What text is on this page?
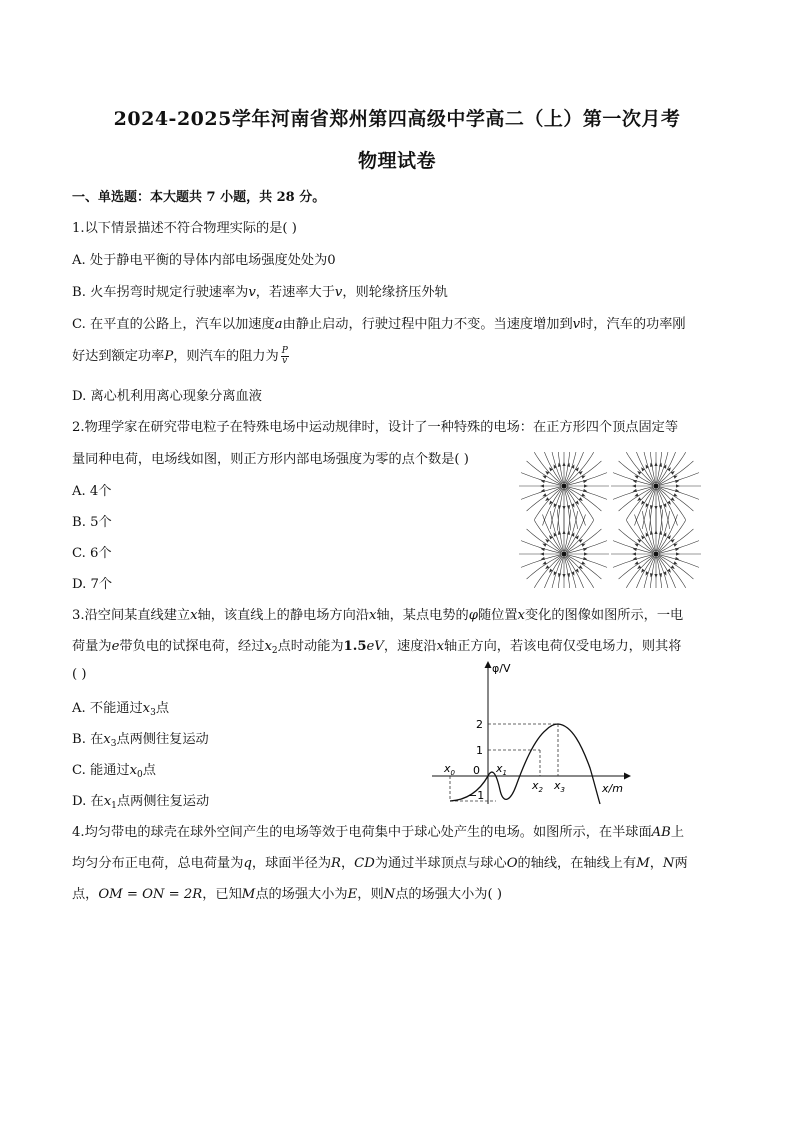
2024-2025学年河南省郑州第四高级中学高二（上）第一次月考
物理试卷
一、单选题：本大题共 7 小题，共 28 分。
1.以下情景描述不符合物理实际的是( )
A. 处于静电平衡的导体内部电场强度处处为0
B. 火车拐弯时规定行驶速率为v，若速率大于v，则轮缘挤压外轨
C. 在平直的公路上，汽车以加速度a由静止启动，行驶过程中阻力不变。当速度增加到v时，汽车的功率刚
好达到额定功率P，则汽车的阻力为 $\frac{P}{v}$
D. 离心机利用离心现象分离血液
2.物理学家在研究带电粒子在特殊电场中运动规律时，设计了一种特殊的电场：在正方形四个顶点固定等
量同种电荷，电场线如图，则正方形内部电场强度为零的点个数是( )
A. 4个
B. 5个
C. 6个
D. 7个
3.沿空间某直线建立x轴，该直线上的静电场方向沿x轴，某点电势的φ随位置x变化的图像如图所示，一电
荷量为e带负电的试探电荷，经过$x_2$点时动能为1.5eV，速度沿x轴正方向，若该电荷仅受电场力，则其将
( )
A. 不能通过$x_3$点
B. 在$x_3$点两侧往复运动
C. 能通过$x_0$点
D. 在$x_1$点两侧往复运动
φ/V
x/m
2
1
0
−1
$x_0$	$x_1$
$x_2$ $x_3$
4.均匀带电的球壳在球外空间产生的电场等效于电荷集中于球心处产生的电场。如图所示，在半球面AB上
均匀分布正电荷，总电荷量为q，球面半径为R，CD为通过半球顶点与球心O的轴线，在轴线上有M，N两
点，OM = ON = 2R，已知M点的场强大小为E，则N点的场强大小为( )
